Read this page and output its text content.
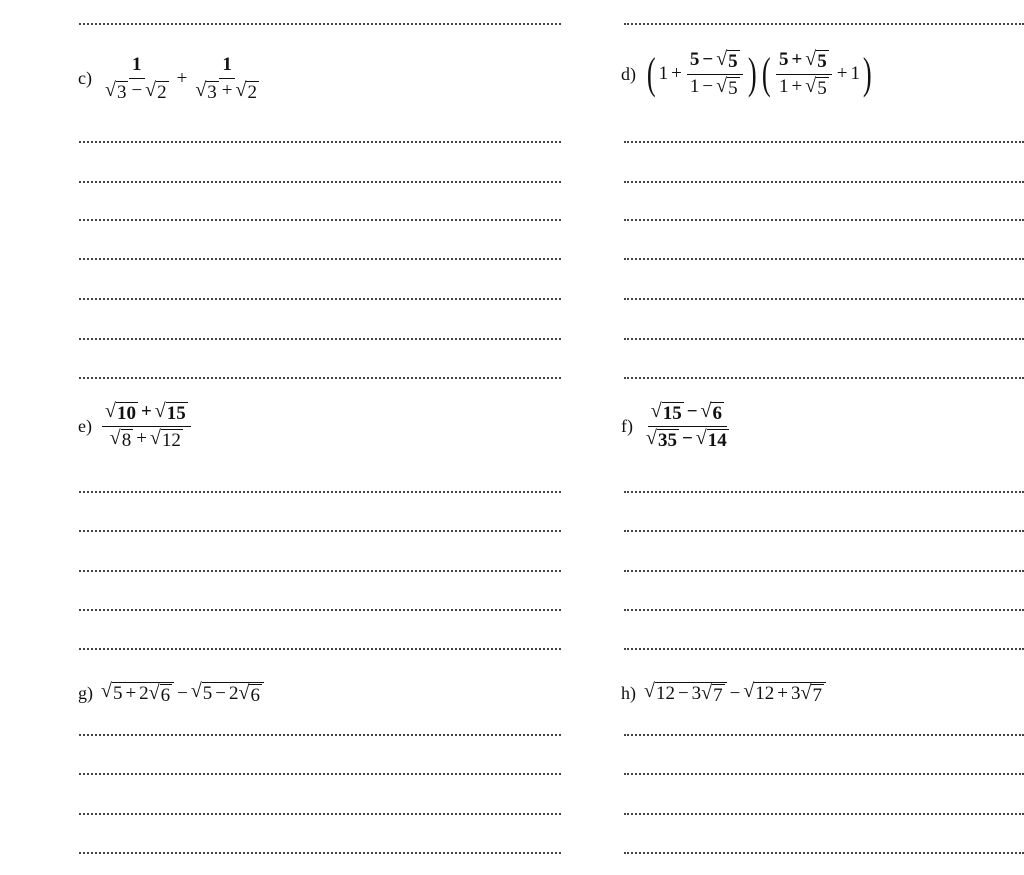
$c) \frac{1}{√ 3 - √ 2} + \frac{1}{√ 3 + √ 2}$	d) ( $1 + \frac{5 - √ 5}{1 - √ 5}$ ) ( $\frac{5 + √ 5}{1 + √ 5} + 1$ )
$e) \frac{√ 10 + √ 15}{√ 8 + √ 12}$	$f) \frac{√ 15 - √ 6}{√ 35 - √ 14}$
g) √ 5 + 2 √ 6 − √ 5 − 2 √ 6	h) √ 12 − 3 √ 7 − √ 12 + 3 √ 7
